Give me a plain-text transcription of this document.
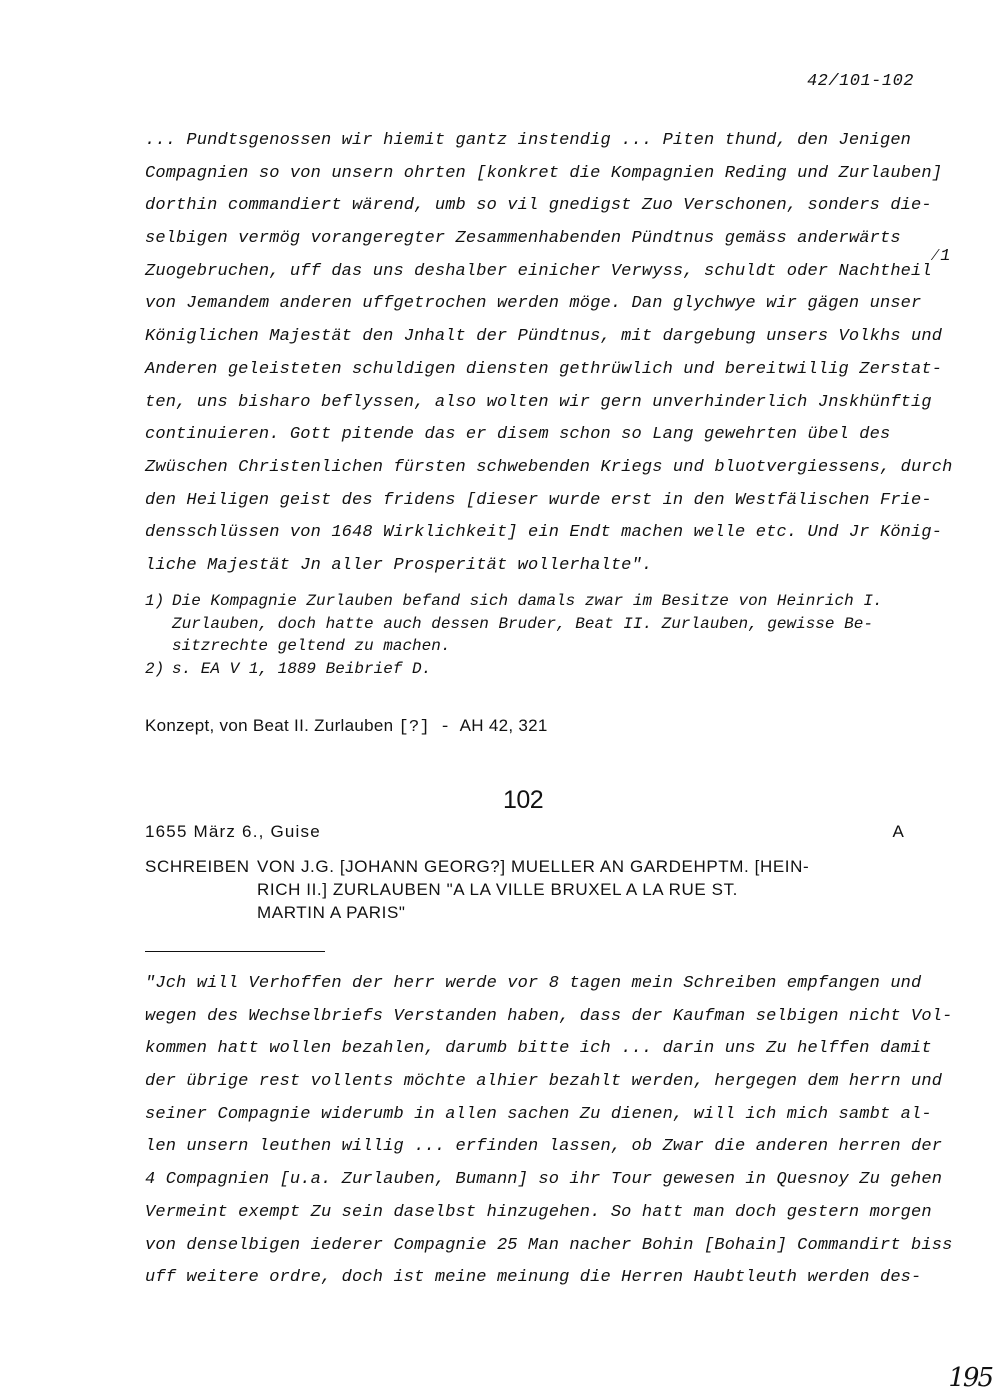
42/101-102
... Pundtsgenossen wir hiemit gantz instendig ... Piten thund, den Jenigen
Compagnien so von unsern ohrten [konkret die Kompagnien Reding und Zurlauben]
dorthin commandiert wärend, umb so vil gnedigst Zuo Verschonen, sonders die-
selbigen vermög vorangeregter Zesammenhabenden Pündtnus gemäss anderwärts
Zuogebruchen, uff das uns deshalber einicher Verwyss, schuldt oder Nachtheil
von Jemandem anderen uffgetrochen werden möge. Dan glychwye wir gägen unser
Königlichen Majestät den Jnhalt der Pündtnus, mit dargebung unsers Volkhs und
Anderen geleisteten schuldigen diensten gethrüwlich und bereitwillig Zerstat-
ten, uns bisharo beflyssen, also wolten wir gern unverhinderlich Jnskhünftig
continuieren. Gott pitende das er disem schon so Lang gewehrten übel des
Zwüschen Christenlichen fürsten schwebenden Kriegs und bluotvergiessens, durch
den Heiligen geist des fridens [dieser wurde erst in den Westfälischen Frie-
densschlüssen von 1648 Wirklichkeit] ein Endt machen welle etc. Und Jr König-
liche Majestät Jn aller Prosperität wollerhalte".
⁄1
1) Die Kompagnie Zurlauben befand sich damals zwar im Besitze von Heinrich I.
Zurlauben, doch hatte auch dessen Bruder, Beat II. Zurlauben, gewisse Be-
sitzrechte geltend zu machen.
2) s. EA V 1, 1889 Beibrief D.
Konzept, von Beat II. Zurlauben [?] - AH 42, 321
102
1655 März 6., Guise	A
SCHREIBEN VON J.G. [JOHANN GEORG?] MUELLER AN GARDEHPTM. [HEIN-
RICH II.] ZURLAUBEN "A LA VILLE BRUXEL A LA RUE ST.
MARTIN A PARIS"
"Jch will Verhoffen der herr werde vor 8 tagen mein Schreiben empfangen und
wegen des Wechselbriefs Verstanden haben, dass der Kaufman selbigen nicht Vol-
kommen hatt wollen bezahlen, darumb bitte ich ... darin uns Zu helffen damit
der übrige rest vollents möchte alhier bezahlt werden, hergegen dem herrn und
seiner Compagnie widerumb in allen sachen Zu dienen, will ich mich sambt al-
len unsern leuthen willig ... erfinden lassen, ob Zwar die anderen herren der
4 Compagnien [u.a. Zurlauben, Bumann] so ihr Tour gewesen in Quesnoy Zu gehen
Vermeint exempt Zu sein daselbst hinzugehen. So hatt man doch gestern morgen
von denselbigen iederer Compagnie 25 Man nacher Bohin [Bohain] Commandirt biss
uff weitere ordre, doch ist meine meinung die Herren Haubtleuth werden des-
195
